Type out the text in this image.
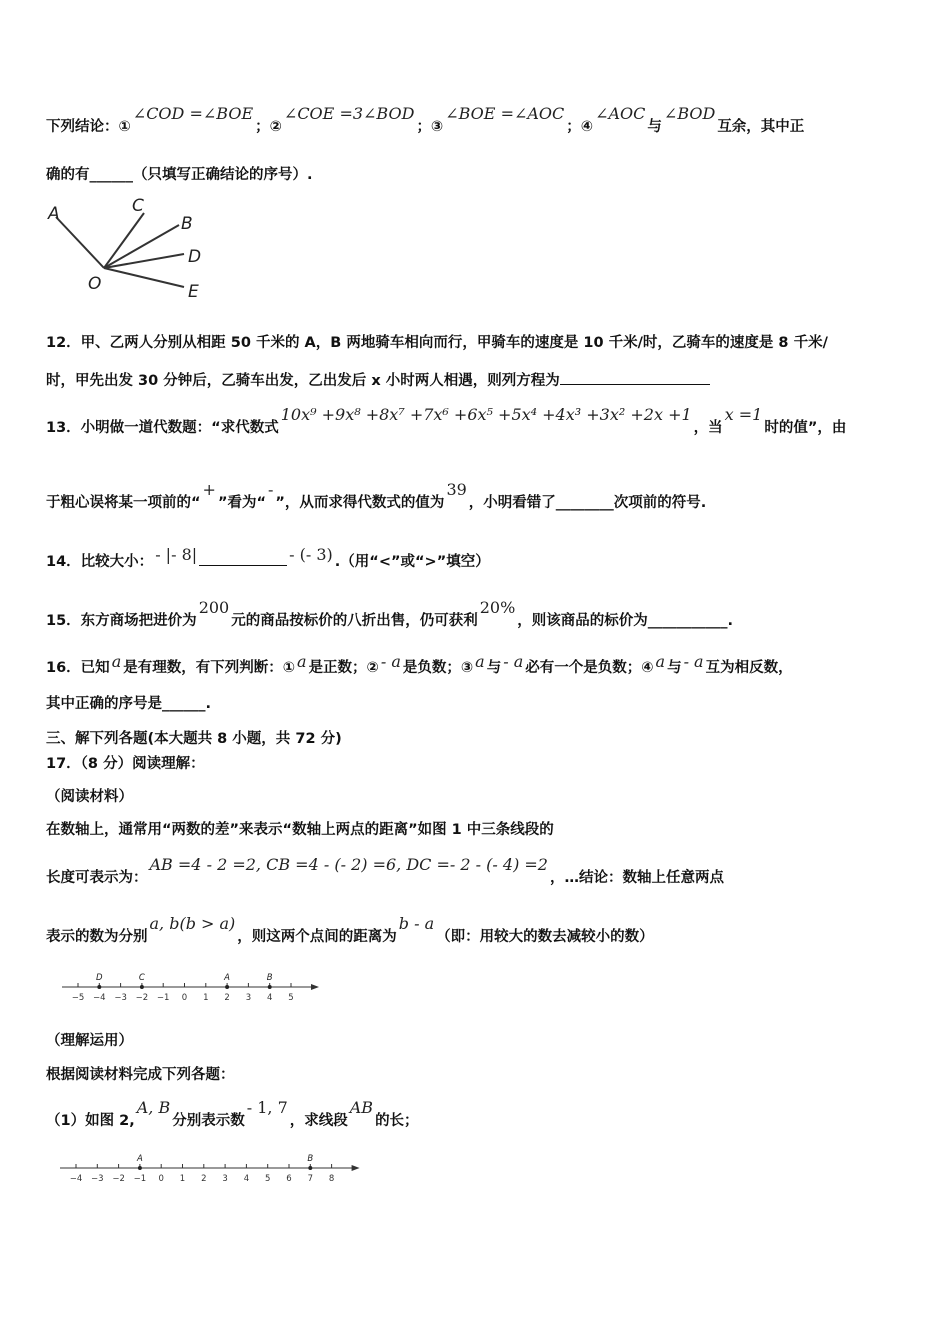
下列结论：①∠COD =∠BOE；②∠COE =3∠BOD；③∠BOE =∠AOC；④∠AOC与∠BOD互余，其中正
确的有______（只填写正确结论的序号）.
A	C
B
D
O	E
12．甲、乙两人分别从相距 50 千米的 A，B 两地骑车相向而行，甲骑车的速度是 10 千米/时，乙骑车的速度是 8 千米/
时，甲先出发 30 分钟后，乙骑车出发，乙出发后 x 小时两人相遇，则列方程为
13．小明做一道代数题：“求代数式10x⁹ +9x⁸ +8x⁷ +7x⁶ +6x⁵ +5x⁴ +4x³ +3x² +2x +1，当x =1时的值”，由
于粗心误将某一项前的“+”看为“-”，从而求得代数式的值为39，小明看错了________次项前的符号.
14．比较大小： - |- 8|	- (- 3) .（用“<”或“>”填空）
15．东方商场把进价为200元的商品按标价的八折出售，仍可获利20%，则该商品的标价为___________.
16．已知 a 是有理数，有下列判断：① a 是正数；② - a 是负数；③ a 与 - a 必有一个是负数；④ a 与 - a 互为相反数，
其中正确的序号是______.
三、解下列各题(本大题共 8 小题，共 72 分)
17．（8 分）阅读理解：
（阅读材料）
在数轴上，通常用“两数的差”来表示“数轴上两点的距离”如图 1 中三条线段的
长度可表示为：AB =4 - 2 =2, CB =4 - (- 2) =6, DC =- 2 - (- 4) =2，…结论：数轴上任意两点
表示的数为分别a, b(b > a)，则这两个点间的距离为b - a（即：用较大的数去减较小的数）
−5 −4 −3 −2 −1 0 1 2 3 4 5
D	C	A	B
（理解运用）
根据阅读材料完成下列各题：
（1）如图 2,A, B分别表示数- 1, 7，求线段AB的长；
−4 −3 −2 −1 0 1 2 3 4 5 6 7 8
A	B
